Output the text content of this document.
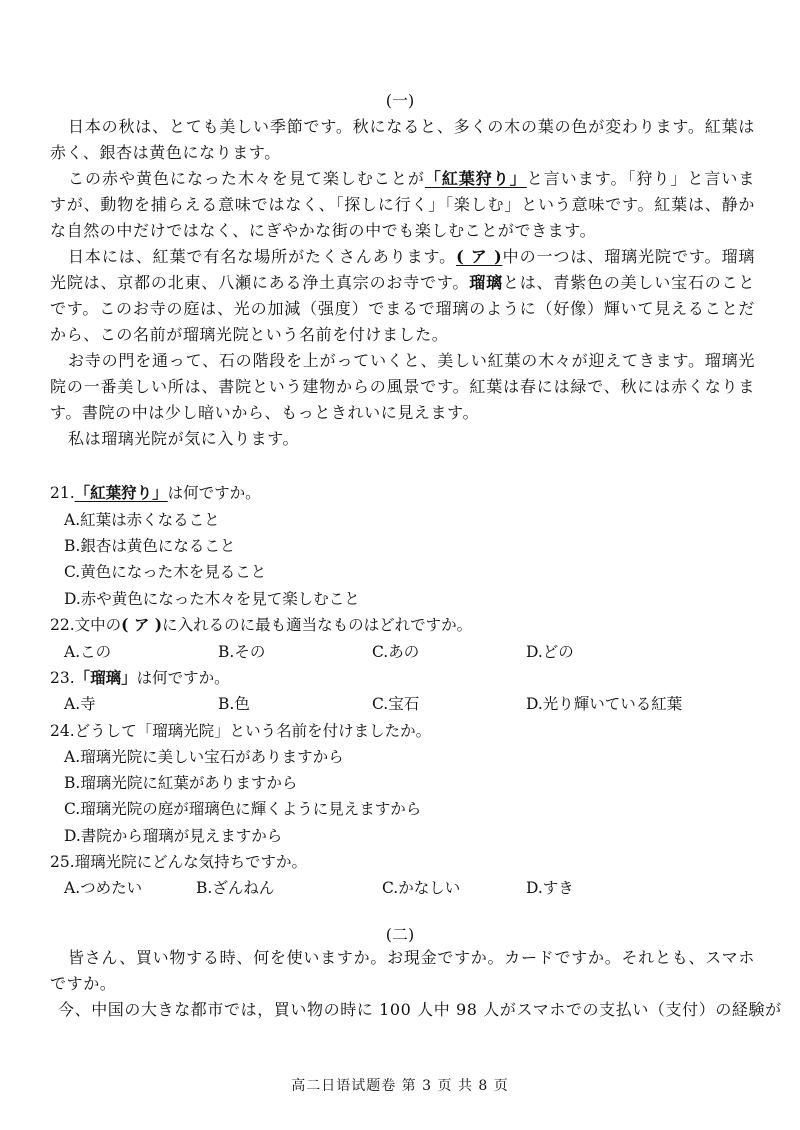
(一)

日本の秋は、とても美しい季節です。秋になると、多くの木の葉の色が変わります。紅葉は赤く、銀杏は黄色になります。

この赤や黄色になった木々を見て楽しむことが「紅葉狩り」と言います。「狩り」と言いますが、動物を捕らえる意味ではなく、「探しに行く」「楽しむ」という意味です。紅葉は、静かな自然の中だけではなく、にぎやかな街の中でも楽しむことができます。

日本には、紅葉で有名な場所がたくさんあります。( ア )中の一つは、瑠璃光院です。瑠璃光院は、京都の北東、八瀬にある浄土真宗のお寺です。瑠璃とは、青紫色の美しい宝石のことです。このお寺の庭は、光の加減（强度）でまるで瑠璃のように（好像）輝いて見えることだから、この名前が瑠璃光院という名前を付けました。

お寺の門を通って、石の階段を上がっていくと、美しい紅葉の木々が迎えてきます。瑠璃光院の一番美しい所は、書院という建物からの風景です。紅葉は春には緑で、秋には赤くなります。書院の中は少し暗いから、もっときれいに見えます。

私は瑠璃光院が気に入ります。

21.「紅葉狩り」は何ですか。
A.紅葉は赤くなること
B.銀杏は黄色になること
C.黄色になった木を見ること
D.赤や黄色になった木々を見て楽しむこと
22.文中の( ア )に入れるのに最も適当なものはどれですか。
A.この	B.その	C.あの	D.どの
23.「瑠璃」は何ですか。
A.寺	B.色	C.宝石	D.光り輝いている紅葉
24.どうして「瑠璃光院」という名前を付けましたか。
A.瑠璃光院に美しい宝石がありますから
B.瑠璃光院に紅葉がありますから
C.瑠璃光院の庭が瑠璃色に輝くように見えますから
D.書院から瑠璃が見えますから
25.瑠璃光院にどんな気持ちですか。
A.つめたい	B.ざんねん	C.かなしい	D.すき
(二)

皆さん、買い物する時、何を使いますか。お現金ですか。カードですか。それとも、スマホですか。

今、中国の大きな都市では，買い物の時に 100 人中 98 人がスマホでの支払い（支付）の経験が

高二日语试题卷 第 3 页 共 8 页
